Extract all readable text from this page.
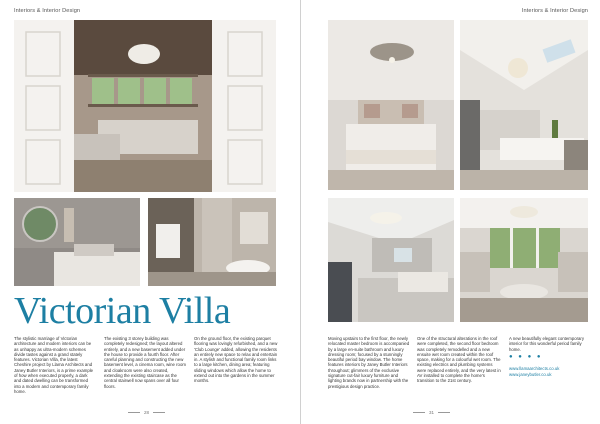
Interiors & Interior Design
Victorian Villa
The stylistic marriage of Victorian architecture and modern interiors can be as unhappy as ultra-modern schemes divide tastes against a grand stately features. Victorian Villa, the latest Cheshire project by Llama Architects and Janey Butler Interiors, is a prime example of how when executed properly, a dark and dated dwelling can be transformed into a modern and contemporary family home.
The existing 3 storey building was completely redesigned; the layout altered entirely, and a new basement added under the house to provide a fourth floor. After careful planning and constructing the new basement level, a cinema room, wine room and cloakroom were also created, extending the existing staircase as the central stairwell now spans over all four floors.
On the ground floor, the existing parquet flooring was lovingly refurbished, and a new 'Club Lounge' added, allowing the residents an entirely new space to relax and entertain in. A stylish and functional family room links to a large kitchen, dining area; featuring sliding windows which allow the home to extend out into the gardens in the summer months.
28
Interiors & Interior Design
Moving upstairs to the first floor, the newly relocated master bedroom is accompanied by a large en-suite bathroom and luxury dressing room; focused by a stunningly beautiful period bay window. The home features interiors by Janey Butler Interiors throughout; glimmers of the exclusive signature cut-fair luxury furniture and lighting brands now in partnership with the prestigious design practice.
One of the structural alterations in the roof were completed, the second floor bedroom was completely remodelled and a new ensuite wet room created within the roof space, making for a colourful wet room. The existing electrics and plumbing systems were replaced entirely, and the very latest in AV installed to complete the home's transition to the 21st century.
A new beautifully elegant contemporary interior for this wonderful period family home.
● ● ● ●
www.llamaarchitects.co.uk
www.janeybutler.co.uk
31
